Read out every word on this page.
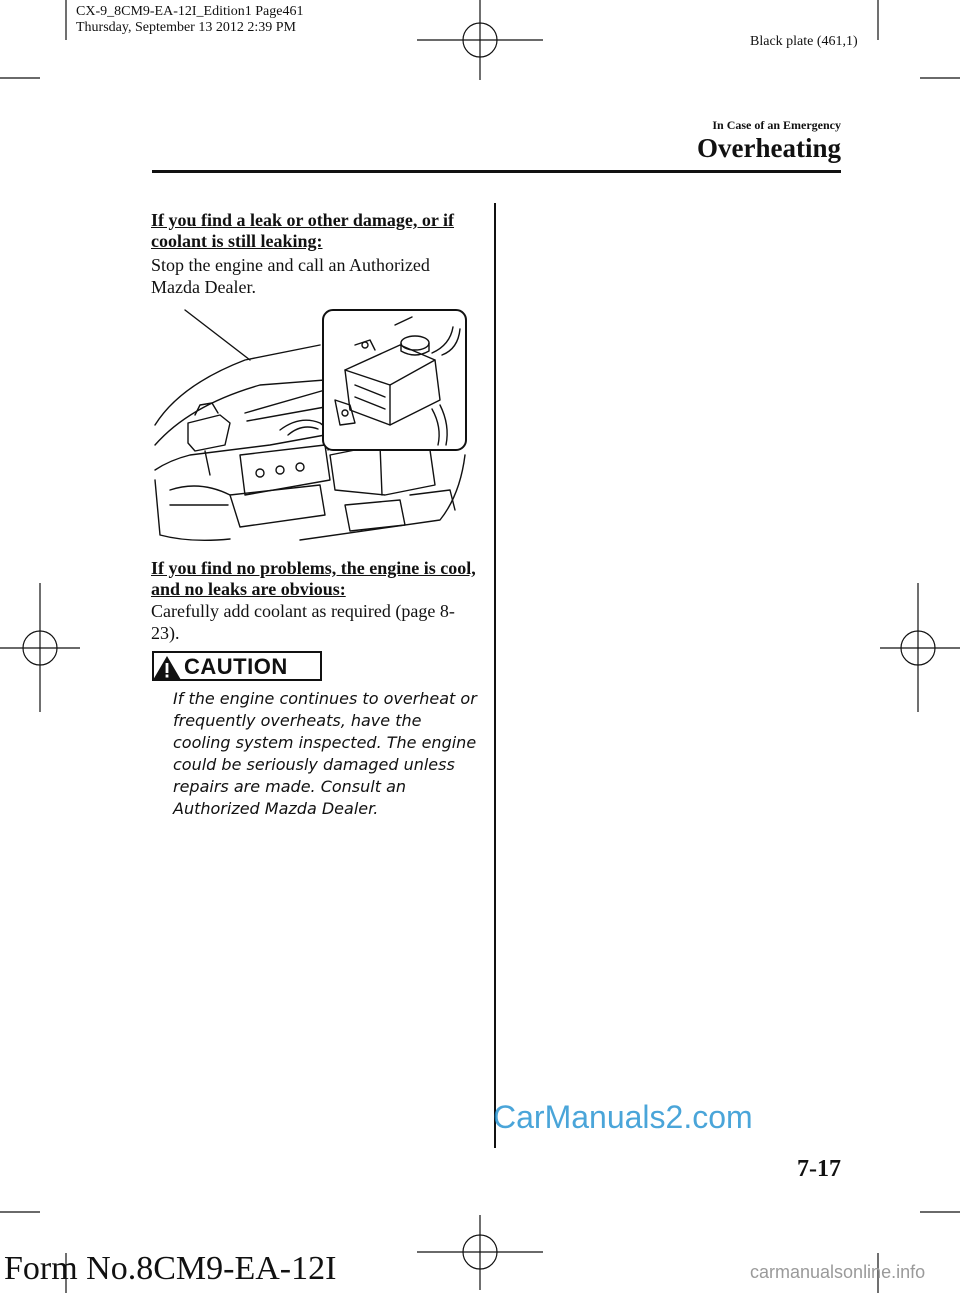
CX-9_8CM9-EA-12I_Edition1 Page461
Thursday, September 13 2012 2:39 PM
Black plate (461,1)
In Case of an Emergency
Overheating
If you find a leak or other damage, or if coolant is still leaking:
Stop the engine and call an Authorized Mazda Dealer.
If you find no problems, the engine is cool, and no leaks are obvious:
Carefully add coolant as required (page 8-23).
CAUTION
If the engine continues to overheat or frequently overheats, have the cooling system inspected. The engine could be seriously damaged unless repairs are made. Consult an Authorized Mazda Dealer.
CarManuals2.com
carmanualsonline.info
7-17
Form No.8CM9-EA-12I
